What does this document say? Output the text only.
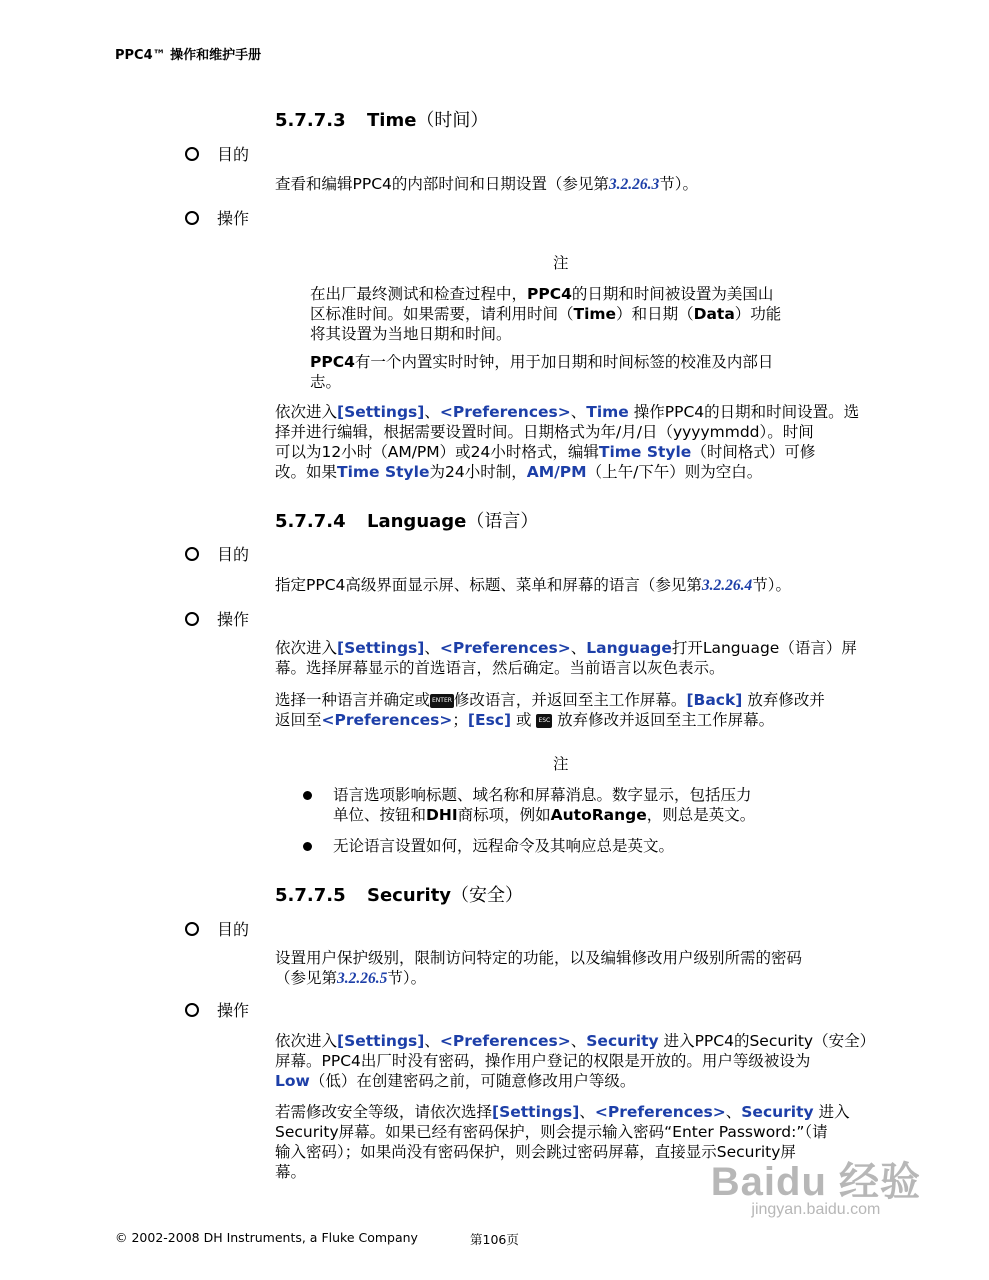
PPC4™ 操作和维护手册
5.7.7.3 Time（时间）
目的
查看和编辑PPC4的内部时间和日期设置（参见第3.2.26.3节）。
操作
注
在出厂最终测试和检查过程中，PPC4的日期和时间被设置为美国山
区标准时间。如果需要，请利用时间（Time）和日期（Data）功能
将其设置为当地日期和时间。
PPC4有一个内置实时时钟，用于加日期和时间标签的校准及内部日
志。
依次进入[Settings]、<Preferences>、Time 操作PPC4的日期和时间设置。选
择并进行编辑，根据需要设置时间。日期格式为年/月/日（yyyymmdd）。时间
可以为12小时（AM/PM）或24小时格式，编辑Time Style（时间格式）可修
改。如果Time Style为24小时制，AM/PM（上午/下午）则为空白。
5.7.7.4 Language（语言）
目的
指定PPC4高级界面显示屏、标题、菜单和屏幕的语言（参见第3.2.26.4节）。
操作
依次进入[Settings]、<Preferences>、Language打开Language（语言）屏
幕。选择屏幕显示的首选语言，然后确定。当前语言以灰色表示。
选择一种语言并确定或 ENTER 修改语言，并返回至主工作屏幕。[Back] 放弃修改并
返回至<Preferences>；[Esc] 或 ESC 放弃修改并返回至主工作屏幕。
注
语言选项影响标题、域名称和屏幕消息。数字显示，包括压力
单位、按钮和DHI商标项，例如AutoRange，则总是英文。
无论语言设置如何，远程命令及其响应总是英文。
5.7.7.5 Security（安全）
目的
设置用户保护级别，限制访问特定的功能，以及编辑修改用户级别所需的密码
（参见第3.2.26.5节）。
操作
依次进入[Settings]、<Preferences>、Security 进入PPC4的Security（安全）
屏幕。PPC4出厂时没有密码，操作用户登记的权限是开放的。用户等级被设为
Low（低）在创建密码之前，可随意修改用户等级。
若需修改安全等级，请依次选择[Settings]、<Preferences>、Security 进入
Security屏幕。如果已经有密码保护，则会提示输入密码“Enter Password:”（请
输入密码）；如果尚没有密码保护，则会跳过密码屏幕，直接显示Security屏
幕。	Baidu 经验
jingyan.baidu.com
© 2002-2008 DH Instruments, a Fluke Company	第106页
